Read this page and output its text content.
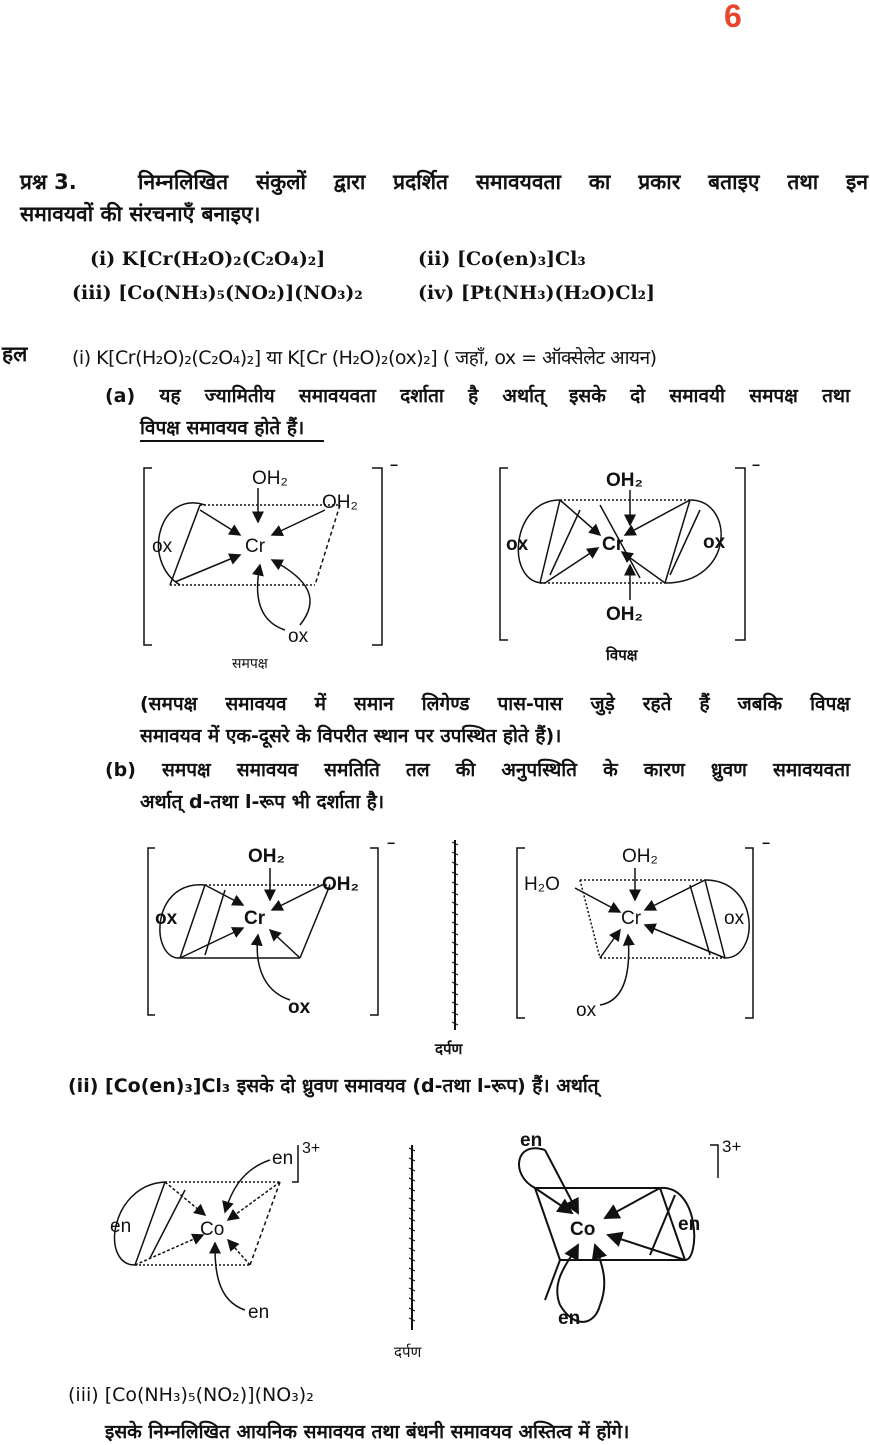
6
प्रश्न 3.	निम्नलिखित संकुलों द्वारा प्रदर्शित समावयवता का प्रकार बताइए तथा इन
समावयवों की संरचनाएँ बनाइए।
(i) K[Cr(H₂O)₂(C₂O₄)₂]	(ii) [Co(en)₃]Cl₃
(iii) [Co(NH₃)₅(NO₂)](NO₃)₂	(iv) [Pt(NH₃)(H₂O)Cl₂]
हल (i) K[Cr(H₂O)₂(C₂O₄)₂] या K[Cr (H₂O)₂(ox)₂] ( जहाँ, ox = ऑक्सेलेट आयन)
(a) यह ज्यामितीय समावयवता दर्शाता है अर्थात् इसके दो समावयी समपक्ष तथा
विपक्ष समावयव होते हैं।
(समपक्ष समावयव में समान लिगेण्ड पास-पास जुड़े रहते हैं जबकि विपक्ष
समावयव में एक-दूसरे के विपरीत स्थान पर उपस्थित होते हैं)।
(b) समपक्ष समावयव समतिति तल की अनुपस्थिति के कारण ध्रुवण समावयवता
अर्थात् d-तथा l-रूप भी दर्शाता है।
(ii) [Co(en)₃]Cl₃ इसके दो ध्रुवण समावयव (d-तथा l-रूप) हैं। अर्थात्
(iii) [Co(NH₃)₅(NO₂)](NO₃)₂
इसके निम्नलिखित आयनिक समावयव तथा बंधनी समावयव अस्तित्व में होंगे।
−
OH₂
OH₂
ox	Cr
ox
समपक्ष
−
OH₂
ox	Cr	ox
OH₂
विपक्ष
−
OH₂
OH₂
ox	Cr
ox
दर्पण
−
OH₂
H₂O
Cr	ox
ox
en 3+
en	Co
en
दर्पण
en	3+
Co	en
en
